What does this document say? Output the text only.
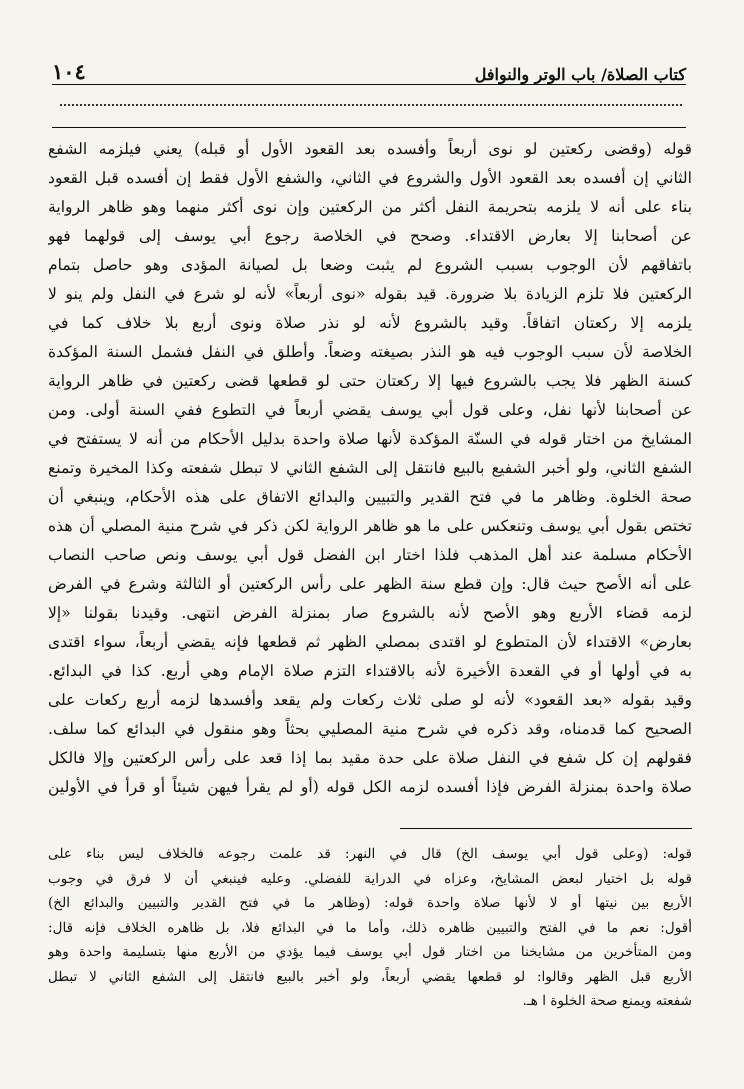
كتاب الصلاة/ باب الوتر والنوافل
١٠٤
قوله (وقضى ركعتين لو نوى أربعاً وأفسده بعد القعود الأول أو قبله) يعني فيلزمه الشفع
الثاني إن أفسده بعد القعود الأول والشروع في الثاني، والشفع الأول فقط إن أفسده قبل القعود
بناء على أنه لا يلزمه بتحريمة النفل أكثر من الركعتين وإن نوى أكثر منهما وهو ظاهر الرواية
عن أصحابنا إلا بعارض الاقتداء. وصحح في الخلاصة رجوع أبي يوسف إلى قولهما فهو
باتفاقهم لأن الوجوب بسبب الشروع لم يثبت وضعا بل لصيانة المؤدى وهو حاصل بتمام
الركعتين فلا تلزم الزيادة بلا ضرورة. قيد بقوله «نوى أربعاً» لأنه لو شرع في النفل ولم ينو لا
يلزمه إلا ركعتان اتفاقاً. وقيد بالشروع لأنه لو نذر صلاة ونوى أربع بلا خلاف كما في
الخلاصة لأن سبب الوجوب فيه هو النذر بصيغته وضعاً. وأطلق في النفل فشمل السنة المؤكدة
كسنة الظهر فلا يجب بالشروع فيها إلا ركعتان حتى لو قطعها قضى ركعتين في ظاهر الرواية
عن أصحابنا لأنها نفل، وعلى قول أبي يوسف يقضي أربعاً في التطوع ففي السنة أولى. ومن
المشايخ من اختار قوله في السنّة المؤكدة لأنها صلاة واحدة بدليل الأحكام من أنه لا يستفتح في
الشفع الثاني، ولو أخبر الشفيع بالبيع فانتقل إلى الشفع الثاني لا تبطل شفعته وكذا المخيرة وتمنع
صحة الخلوة. وظاهر ما في فتح القدير والتبيين والبدائع الاتفاق على هذه الأحكام، وينبغي أن
تختص بقول أبي يوسف وتنعكس على ما هو ظاهر الرواية لكن ذكر في شرح منية المصلي أن هذه
الأحكام مسلمة عند أهل المذهب فلذا اختار ابن الفضل قول أبي يوسف ونص صاحب النصاب
على أنه الأصح حيث قال: وإن قطع سنة الظهر على رأس الركعتين أو الثالثة وشرع في الفرض
لزمه قضاء الأربع وهو الأصح لأنه بالشروع صار بمنزلة الفرض انتهى. وقيدنا بقولنا «إلا
بعارض» الاقتداء لأن المتطوع لو اقتدى بمصلي الظهر ثم قطعها فإنه يقضي أربعاً، سواء اقتدى
به في أولها أو في القعدة الأخيرة لأنه بالاقتداء التزم صلاة الإمام وهي أربع. كذا في البدائع.
وقيد بقوله «بعد القعود» لأنه لو صلى ثلاث ركعات ولم يقعد وأفسدها لزمه أربع ركعات على
الصحيح كما قدمناه، وقد ذكره في شرح منية المصليي بحثاً وهو منقول في البدائع كما سلف.
فقولهم إن كل شفع في النفل صلاة على حدة مقيد بما إذا قعد على رأس الركعتين وإلا فالكل
صلاة واحدة بمنزلة الفرض فإذا أفسده لزمه الكل قوله (أو لم يقرأ فيهن شيئاً أو قرأ في الأولين
قوله: (وعلى قول أبي يوسف الخ) قال في النهر: قد علمت رجوعه فالخلاف ليس بناء على
قوله بل اختيار لبعض المشايخ، وعزاه في الدراية للفضلي. وعليه فينبغي أن لا فرق في وجوب
الأربع بين نيتها أو لا لأنها صلاة واحدة قوله: (وظاهر ما في فتح القدير والتبيين والبدائع الخ)
أقول: نعم ما في الفتح والتبيين ظاهره ذلك، وأما ما في البدائع فلا، بل ظاهره الخلاف فإنه قال:
ومن المتأخرين من مشايخنا من اختار قول أبي يوسف فيما يؤدي من الأربع منها بتسليمة واحدة وهو
الأربع قبل الظهر وقالوا: لو قطعها يقضي أربعاً، ولو أخبر بالبيع فانتقل إلى الشفع الثاني لا تبطل
شفعته ويمنع صحة الخلوة ا هـ.
